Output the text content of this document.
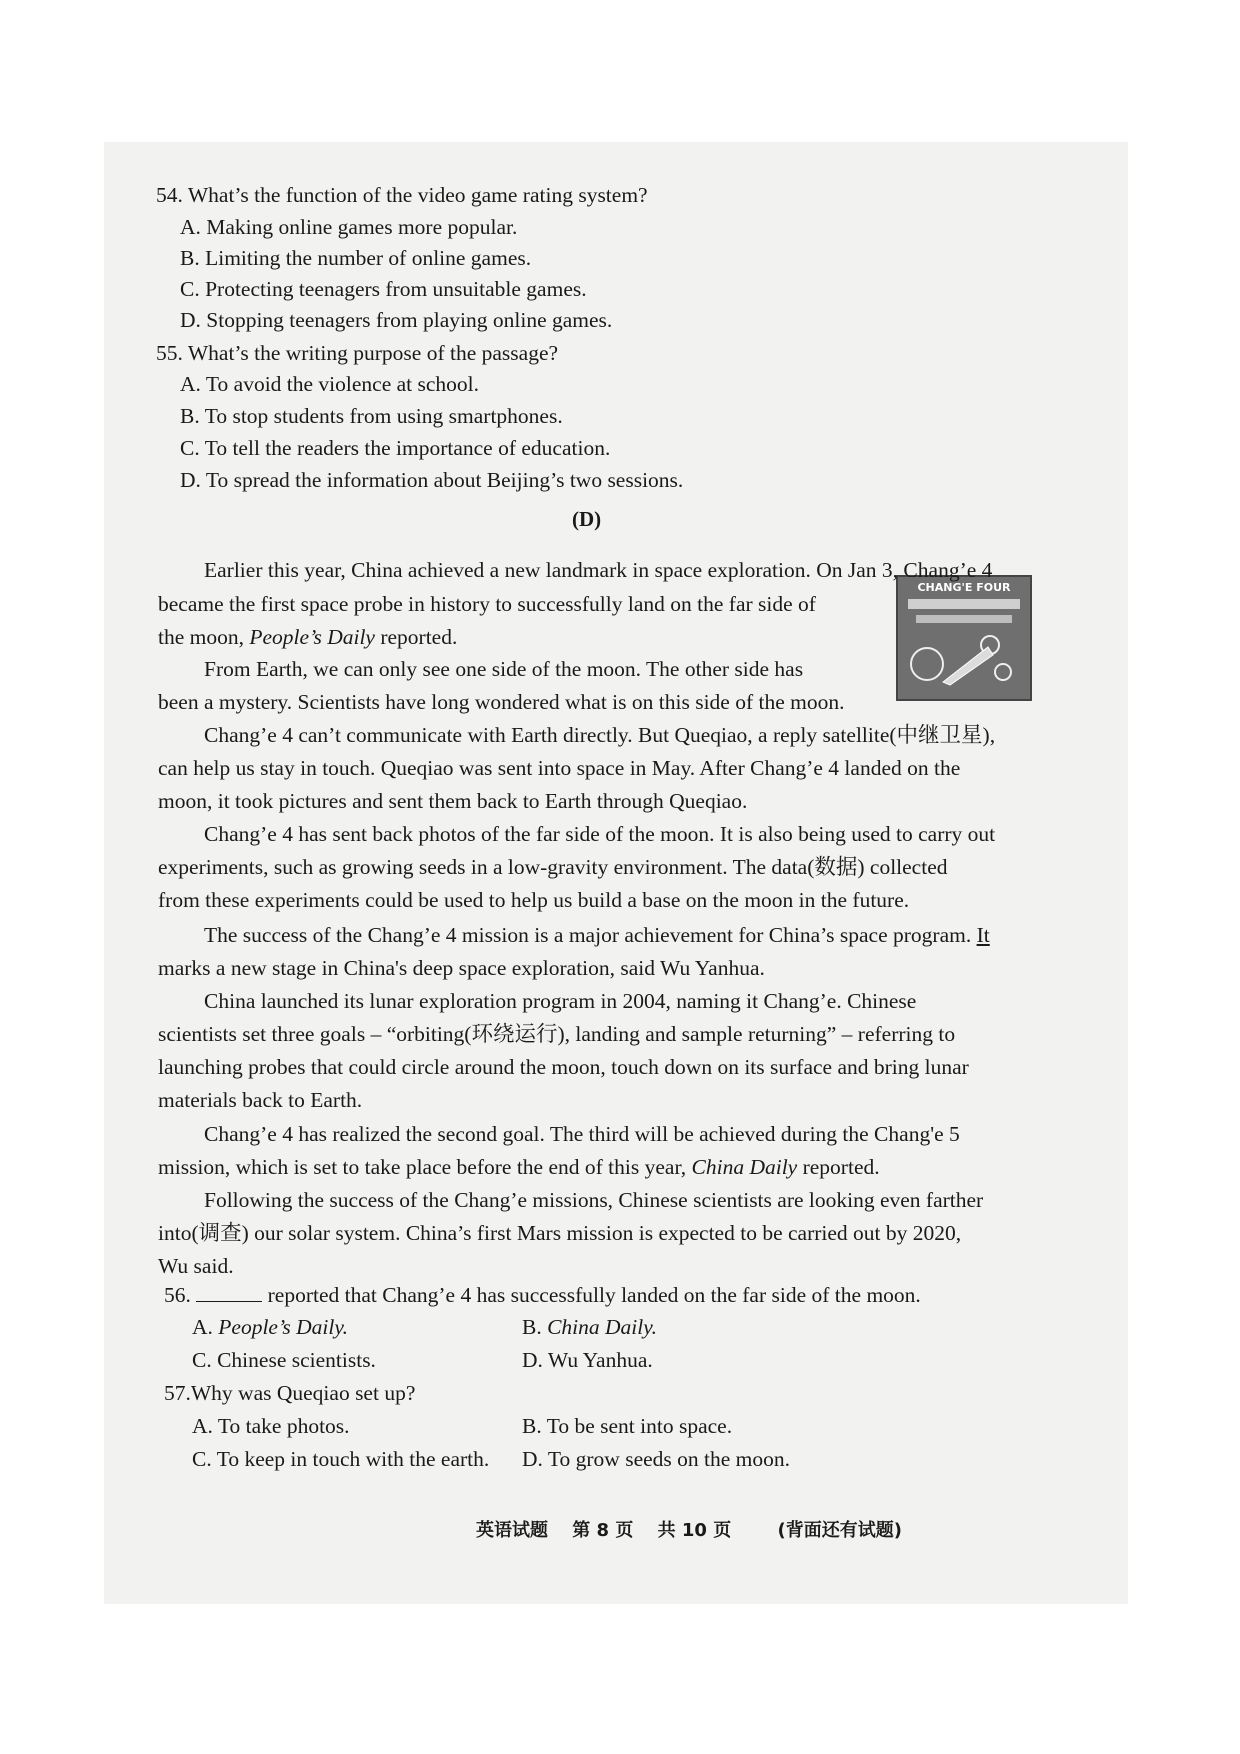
54. What’s the function of the video game rating system?
A. Making online games more popular.
B. Limiting the number of online games.
C. Protecting teenagers from unsuitable games.
D. Stopping teenagers from playing online games.
55. What’s the writing purpose of the passage?
A. To avoid the violence at school.
B. To stop students from using smartphones.
C. To tell the readers the importance of education.
D. To spread the information about Beijing’s two sessions.
(D)
CHANG'E FOUR
Earlier this year, China achieved a new landmark in space exploration. On Jan 3, Chang’e 4
became the first space probe in history to successfully land on the far side of
the moon, People’s Daily reported.
From Earth, we can only see one side of the moon. The other side has
been a mystery. Scientists have long wondered what is on this side of the moon.
Chang’e 4 can’t communicate with Earth directly. But Queqiao, a reply satellite(中继卫星),
can help us stay in touch. Queqiao was sent into space in May. After Chang’e 4 landed on the
moon, it took pictures and sent them back to Earth through Queqiao.
Chang’e 4 has sent back photos of the far side of the moon. It is also being used to carry out
experiments, such as growing seeds in a low-gravity environment. The data(数据) collected
from these experiments could be used to help us build a base on the moon in the future.
The success of the Chang’e 4 mission is a major achievement for China’s space program. It
marks a new stage in China's deep space exploration, said Wu Yanhua.
China launched its lunar exploration program in 2004, naming it Chang’e. Chinese
scientists set three goals – “orbiting(环绕运行), landing and sample returning” – referring to
launching probes that could circle around the moon, touch down on its surface and bring lunar
materials back to Earth.
Chang’e 4 has realized the second goal. The third will be achieved during the Chang'e 5
mission, which is set to take place before the end of this year, China Daily reported.
Following the success of the Chang’e missions, Chinese scientists are looking even farther
into(调查) our solar system. China’s first Mars mission is expected to be carried out by 2020,
Wu said.
56.	reported that Chang’e 4 has successfully landed on the far side of the moon.
A. People’s Daily.	B. China Daily.
C. Chinese scientists.	D. Wu Yanhua.
57.Why was Queqiao set up?
A. To take photos.	B. To be sent into space.
C. To keep in touch with the earth. D. To grow seeds on the moon.
英语试题 第 8 页 共 10 页	(背面还有试题)
